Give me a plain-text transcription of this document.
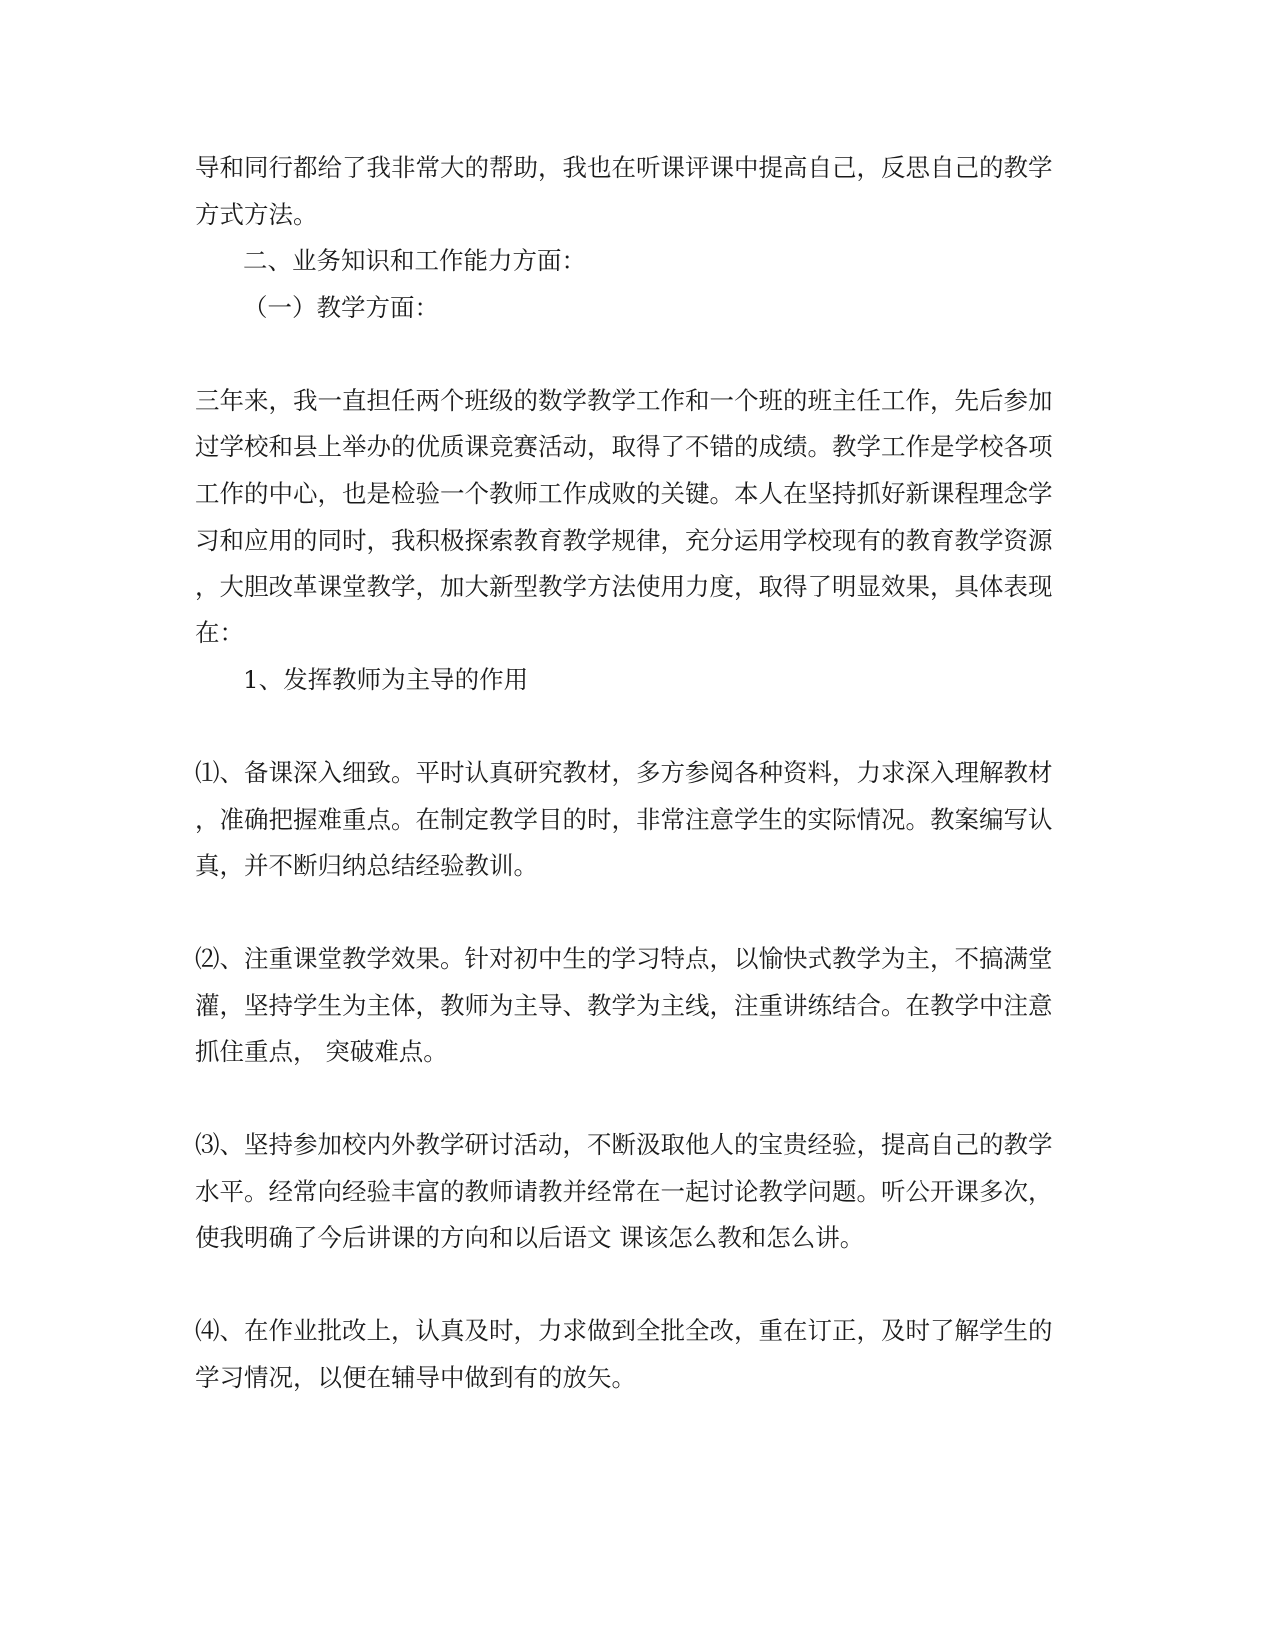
导和同行都给了我非常大的帮助，我也在听课评课中提高自己，反思自己的教学
方式方法。
二、业务知识和工作能力方面：
（一）教学方面：
三年来，我一直担任两个班级的数学教学工作和一个班的班主任工作，先后参加
过学校和县上举办的优质课竞赛活动，取得了不错的成绩。教学工作是学校各项
工作的中心，也是检验一个教师工作成败的关键。本人在坚持抓好新课程理念学
习和应用的同时，我积极探索教育教学规律，充分运用学校现有的教育教学资源
，大胆改革课堂教学，加大新型教学方法使用力度，取得了明显效果，具体表现
在：
1、发挥教师为主导的作用
⑴、备课深入细致。平时认真研究教材，多方参阅各种资料，力求深入理解教材
，准确把握难重点。在制定教学目的时，非常注意学生的实际情况。教案编写认
真，并不断归纳总结经验教训。
⑵、注重课堂教学效果。针对初中生的学习特点，以愉快式教学为主，不搞满堂
灌，坚持学生为主体，教师为主导、教学为主线，注重讲练结合。在教学中注意
抓住重点， 突破难点。
⑶、坚持参加校内外教学研讨活动，不断汲取他人的宝贵经验，提高自己的教学
水平。经常向经验丰富的教师请教并经常在一起讨论教学问题。听公开课多次，
使我明确了今后讲课的方向和以后语文 课该怎么教和怎么讲。
⑷、在作业批改上，认真及时，力求做到全批全改，重在订正，及时了解学生的
学习情况，以便在辅导中做到有的放矢。
